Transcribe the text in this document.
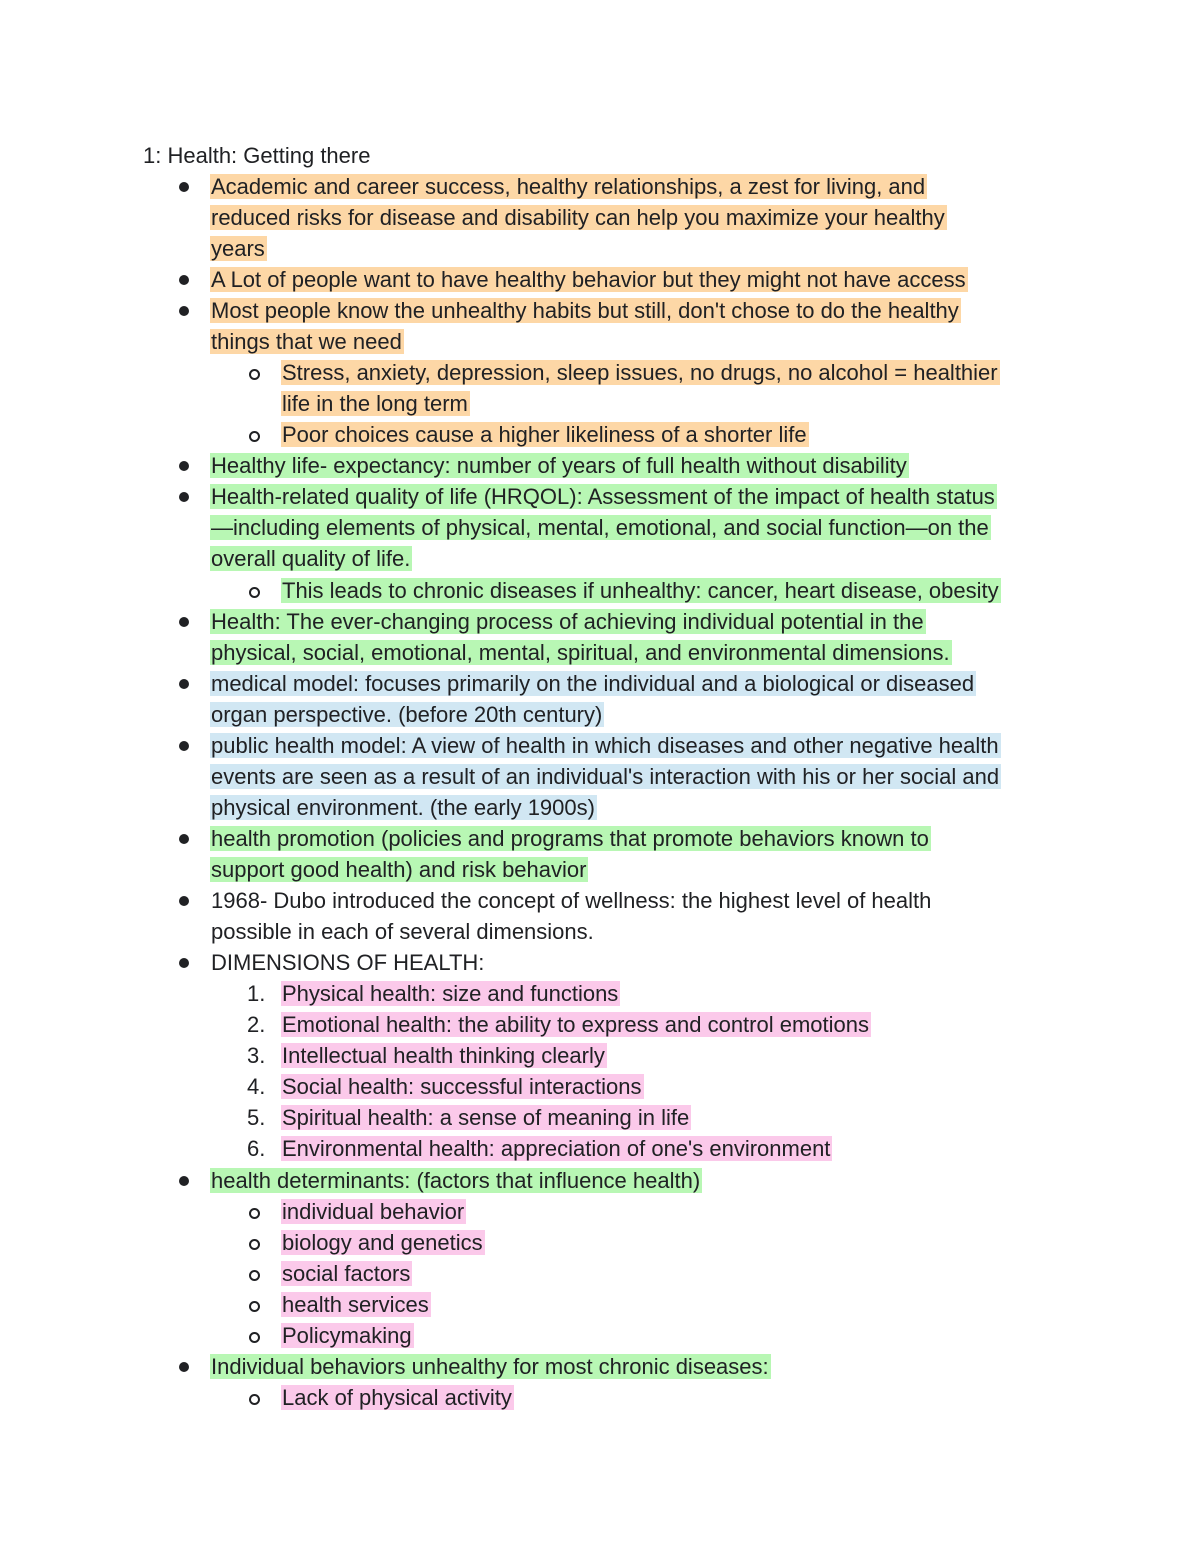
1: Health: Getting there
Academic and career success, healthy relationships, a zest for living, and
reduced risks for disease and disability can help you maximize your healthy
years
A Lot of people want to have healthy behavior but they might not have access
Most people know the unhealthy habits but still, don't chose to do the healthy
things that we need
Stress, anxiety, depression, sleep issues, no drugs, no alcohol = healthier
life in the long term
Poor choices cause a higher likeliness of a shorter life
Healthy life- expectancy: number of years of full health without disability
Health-related quality of life (HRQOL): Assessment of the impact of health status
—including elements of physical, mental, emotional, and social function—on the
overall quality of life.
This leads to chronic diseases if unhealthy: cancer, heart disease, obesity
Health: The ever-changing process of achieving individual potential in the
physical, social, emotional, mental, spiritual, and environmental dimensions.
medical model: focuses primarily on the individual and a biological or diseased
organ perspective. (before 20th century)
public health model: A view of health in which diseases and other negative health
events are seen as a result of an individual's interaction with his or her social and
physical environment. (the early 1900s)
health promotion (policies and programs that promote behaviors known to
support good health) and risk behavior
1968- Dubo introduced the concept of wellness: the highest level of health
possible in each of several dimensions.
DIMENSIONS OF HEALTH:
1. Physical health: size and functions
2. Emotional health: the ability to express and control emotions
3. Intellectual health thinking clearly
4. Social health: successful interactions
5. Spiritual health: a sense of meaning in life
6. Environmental health: appreciation of one's environment
health determinants: (factors that influence health)
individual behavior
biology and genetics
social factors
health services
Policymaking
Individual behaviors unhealthy for most chronic diseases:
Lack of physical activity
